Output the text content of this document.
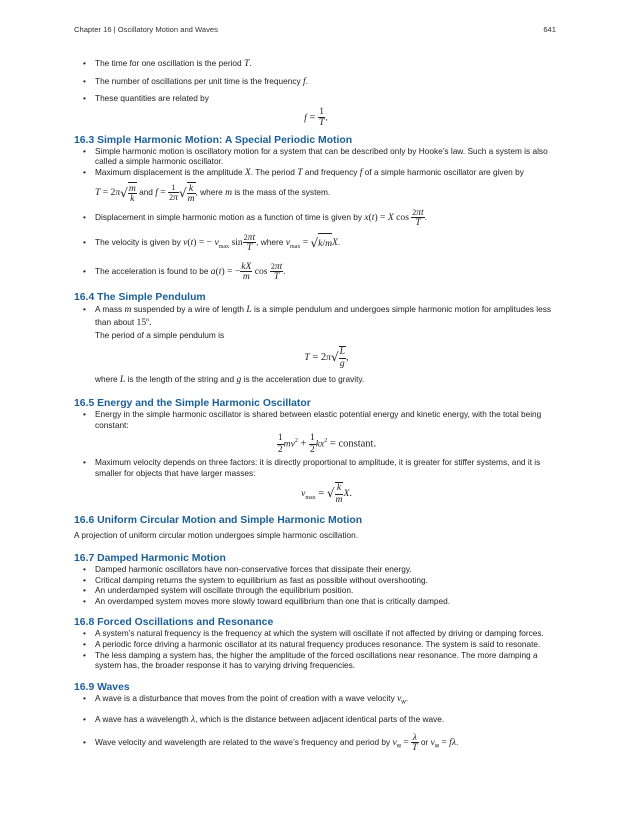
Chapter 16 | Oscillatory Motion and Waves	641
• The time for one oscillation is the period T.
• The number of oscillations per unit time is the frequency f.
• These quantities are related by
$f = \frac{1}{T}$ .
16.3 Simple Harmonic Motion: A Special Periodic Motion
• Simple harmonic motion is oscillatory motion for a system that can be described only by Hooke’s law. Such a system is also called a simple harmonic oscillator.
• Maximum displacement is the amplitude X. The period T and frequency f of a simple harmonic oscillator are given by
$T = 2\pi√ \frac{m}{k}$ and $f = \frac{1}{2\pi}$ √ $\frac{k}{m}$ , where m is the mass of the system.
• Displacement in simple harmonic motion as a function of time is given by x(t) = X $\cos \frac{2\pi t}{T}$ .
• The velocity is given by v(t) = − $v_{max}$ $\sin \frac{2\pi t}{T}$ , where $v_{max} = √k/mX$.
• The acceleration is found to be a(t) = − $\frac{kX}{m}$ $\cos \frac{2\pi t}{T}$ .
16.4 The Simple Pendulum
• A mass m suspended by a wire of length L is a simple pendulum and undergoes simple harmonic motion for amplitudes less than about 15º.
The period of a simple pendulum is
$T = 2\pi√ \frac{L}{g}$ ,
where L is the length of the string and g is the acceleration due to gravity.
16.5 Energy and the Simple Harmonic Oscillator
• Energy in the simple harmonic oscillator is shared between elastic potential energy and kinetic energy, with the total being constant:
$\frac{1}{2} mv^2 + \frac{1}{2} kx^2$ = constant.
• Maximum velocity depends on three factors: it is directly proportional to amplitude, it is greater for stiffer systems, and it is smaller for objects that have larger masses:
$v_{max}$ = √ $\frac{k}{m} X$.
16.6 Uniform Circular Motion and Simple Harmonic Motion

A projection of uniform circular motion undergoes simple harmonic oscillation.

16.7 Damped Harmonic Motion
• Damped harmonic oscillators have non-conservative forces that dissipate their energy.
• Critical damping returns the system to equilibrium as fast as possible without overshooting.
• An underdamped system will oscillate through the equilibrium position.
• An overdamped system moves more slowly toward equilibrium than one that is critically damped.
16.8 Forced Oscillations and Resonance
• A system’s natural frequency is the frequency at which the system will oscillate if not affected by driving or damping forces.
• A periodic force driving a harmonic oscillator at its natural frequency produces resonance. The system is said to resonate.
• The less damping a system has, the higher the amplitude of the forced oscillations near resonance. The more damping a system has, the broader response it has to varying driving frequencies.
16.9 Waves
• A wave is a disturbance that moves from the point of creation with a wave velocity $v_w$.
• A wave has a wavelength λ, which is the distance between adjacent identical parts of the wave.
• Wave velocity and wavelength are related to the wave’s frequency and period by $v_w = \frac{\lambda}{T}$ or $v_w = f\lambda$.
